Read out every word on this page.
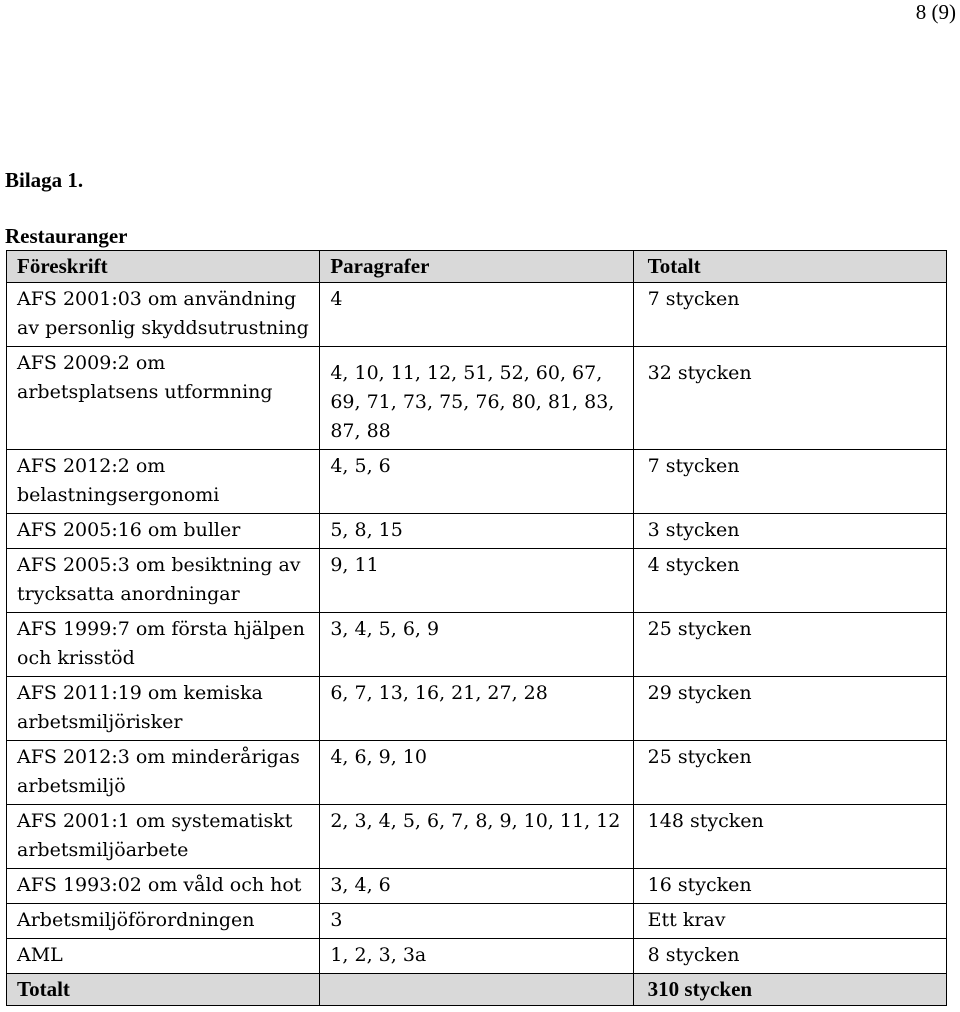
8 (9)
Bilaga 1.
Restauranger
Föreskrift	Paragrafer	Totalt
AFS 2001:03 om användning av personlig skyddsutrustning	4	7 stycken
AFS 2009:2 om arbetsplatsens utformning	4, 10, 11, 12, 51, 52, 60, 67, 69, 71, 73, 75, 76, 80, 81, 83, 87, 88	32 stycken
AFS 2012:2 om belastningsergonomi	4, 5, 6	7 stycken
AFS 2005:16 om buller	5, 8, 15	3 stycken
AFS 2005:3 om besiktning av trycksatta anordningar	9, 11	4 stycken
AFS 1999:7 om första hjälpen och krisstöd	3, 4, 5, 6, 9	25 stycken
AFS 2011:19 om kemiska arbetsmiljörisker	6, 7, 13, 16, 21, 27, 28	29 stycken
AFS 2012:3 om minderårigas arbetsmiljö	4, 6, 9, 10	25 stycken
AFS 2001:1 om systematiskt arbetsmiljöarbete	2, 3, 4, 5, 6, 7, 8, 9, 10, 11, 12	148 stycken
AFS 1993:02 om våld och hot	3, 4, 6	16 stycken
Arbetsmiljöförordningen	3	Ett krav
AML	1, 2, 3, 3a	8 stycken
Totalt		310 stycken
